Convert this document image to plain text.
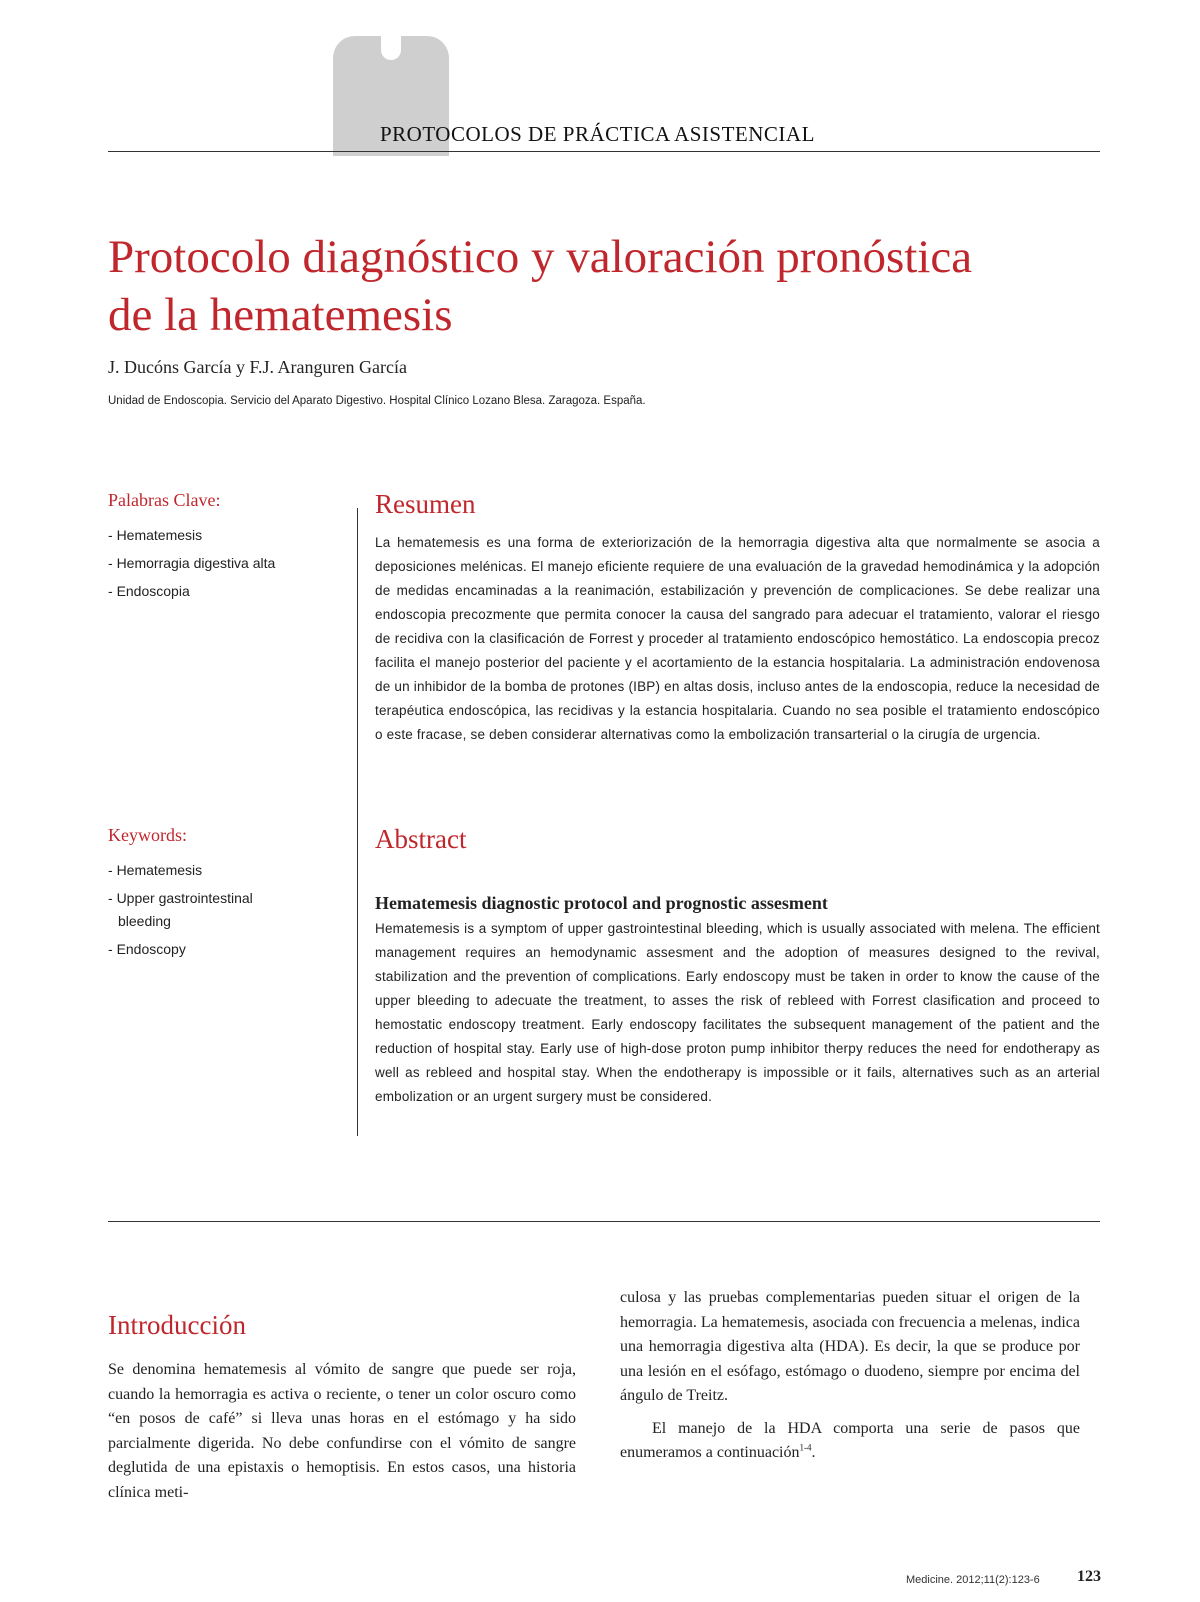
PROTOCOLOS DE PRÁCTICA ASISTENCIAL
Protocolo diagnóstico y valoración pronóstica
de la hematemesis
J. Ducóns García y F.J. Aranguren García
Unidad de Endoscopia. Servicio del Aparato Digestivo. Hospital Clínico Lozano Blesa. Zaragoza. España.
Palabras Clave:
- Hematemesis
- Hemorragia digestiva alta
- Endoscopia
Keywords:
- Hematemesis
- Upper gastrointestinal bleeding
- Endoscopy
Resumen

La hematemesis es una forma de exteriorización de la hemorragia digestiva alta que normalmente se asocia a deposiciones melénicas. El manejo eficiente requiere de una evaluación de la gravedad hemodinámica y la adopción de medidas encaminadas a la reanimación, estabilización y prevención de complicaciones. Se debe realizar una endoscopia precozmente que permita conocer la causa del sangrado para adecuar el tratamiento, valorar el riesgo de recidiva con la clasificación de Forrest y proceder al tratamiento endoscópico hemostático. La endoscopia precoz facilita el manejo posterior del paciente y el acortamiento de la estancia hospitalaria. La administración endovenosa de un inhibidor de la bomba de protones (IBP) en altas dosis, incluso antes de la endoscopia, reduce la necesidad de terapéutica endoscópica, las recidivas y la estancia hospitalaria. Cuando no sea posible el tratamiento endoscópico o este fracase, se deben considerar alternativas como la embolización transarterial o la cirugía de urgencia.

Abstract
Hematemesis diagnostic protocol and prognostic assesment

Hematemesis is a symptom of upper gastrointestinal bleeding, which is usually associated with melena. The efficient management requires an hemodynamic assesment and the adoption of measures designed to the revival, stabilization and the prevention of complications. Early endoscopy must be taken in order to know the cause of the upper bleeding to adecuate the treatment, to asses the risk of rebleed with Forrest clasification and proceed to hemostatic endoscopy treatment. Early endoscopy facilitates the subsequent management of the patient and the reduction of hospital stay. Early use of high-dose proton pump inhibitor therpy reduces the need for endotherapy as well as rebleed and hospital stay. When the endotherapy is impossible or it fails, alternatives such as an arterial embolization or an urgent surgery must be considered.

Introducción

Se denomina hematemesis al vómito de sangre que puede ser roja, cuando la hemorragia es activa o reciente, o tener un color oscuro como “en posos de café” si lleva unas horas en el estómago y ha sido parcialmente digerida. No debe confundirse con el vómito de sangre deglutida de una epistaxis o hemoptisis. En estos casos, una historia clínica meti-

culosa y las pruebas complementarias pueden situar el origen de la hemorragia. La hematemesis, asociada con frecuencia a melenas, indica una hemorragia digestiva alta (HDA). Es decir, la que se produce por una lesión en el esófago, estómago o duodeno, siempre por encima del ángulo de Treitz.

El manejo de la HDA comporta una serie de pasos que enumeramos a continuación$^{1-4}$.

Medicine. 2012;11(2):123-6 123
